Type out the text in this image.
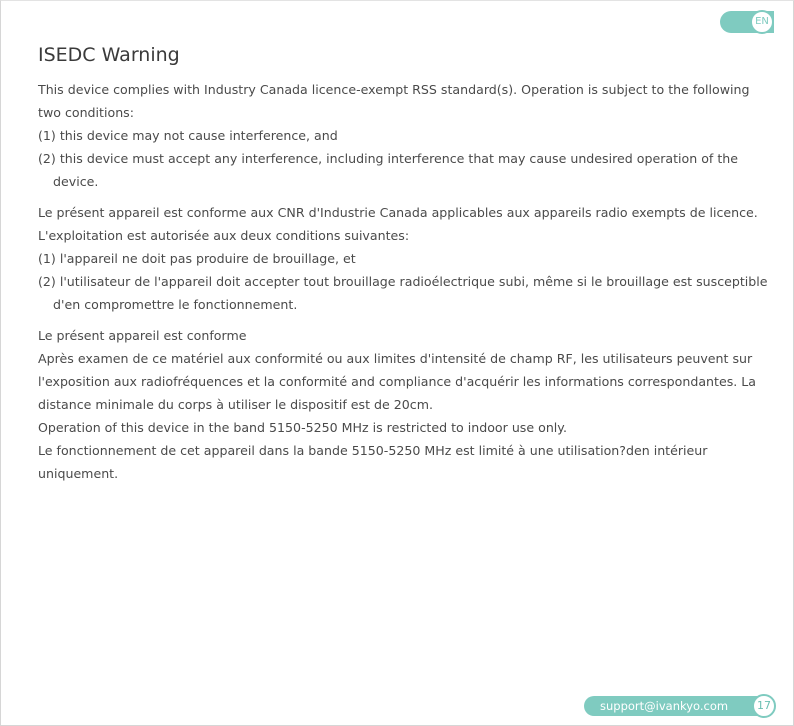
EN
ISEDC Warning

This device complies with Industry Canada licence-exempt RSS standard(s). Operation is subject to the following two conditions:

(1) this device may not cause interference, and

(2) this device must accept any interference, including interference that may cause undesired operation of the device.

Le présent appareil est conforme aux CNR d'Industrie Canada applicables aux appareils radio exempts de licence. L'exploitation est autorisée aux deux conditions suivantes:

(1) l'appareil ne doit pas produire de brouillage, et

(2) l'utilisateur de l'appareil doit accepter tout brouillage radioélectrique subi, même si le brouillage est susceptible d'en compromettre le fonctionnement.

Le présent appareil est conforme

Après examen de ce matériel aux conformité ou aux limites d'intensité de champ RF, les utilisateurs peuvent sur l'exposition aux radiofréquences et la conformité and compliance d'acquérir les informations correspondantes. La distance minimale du corps à utiliser le dispositif est de 20cm.

Operation of this device in the band 5150-5250 MHz is restricted to indoor use only.

Le fonctionnement de cet appareil dans la bande 5150-5250 MHz est limité à une utilisation?den intérieur uniquement.

support@ivankyo.com	17
